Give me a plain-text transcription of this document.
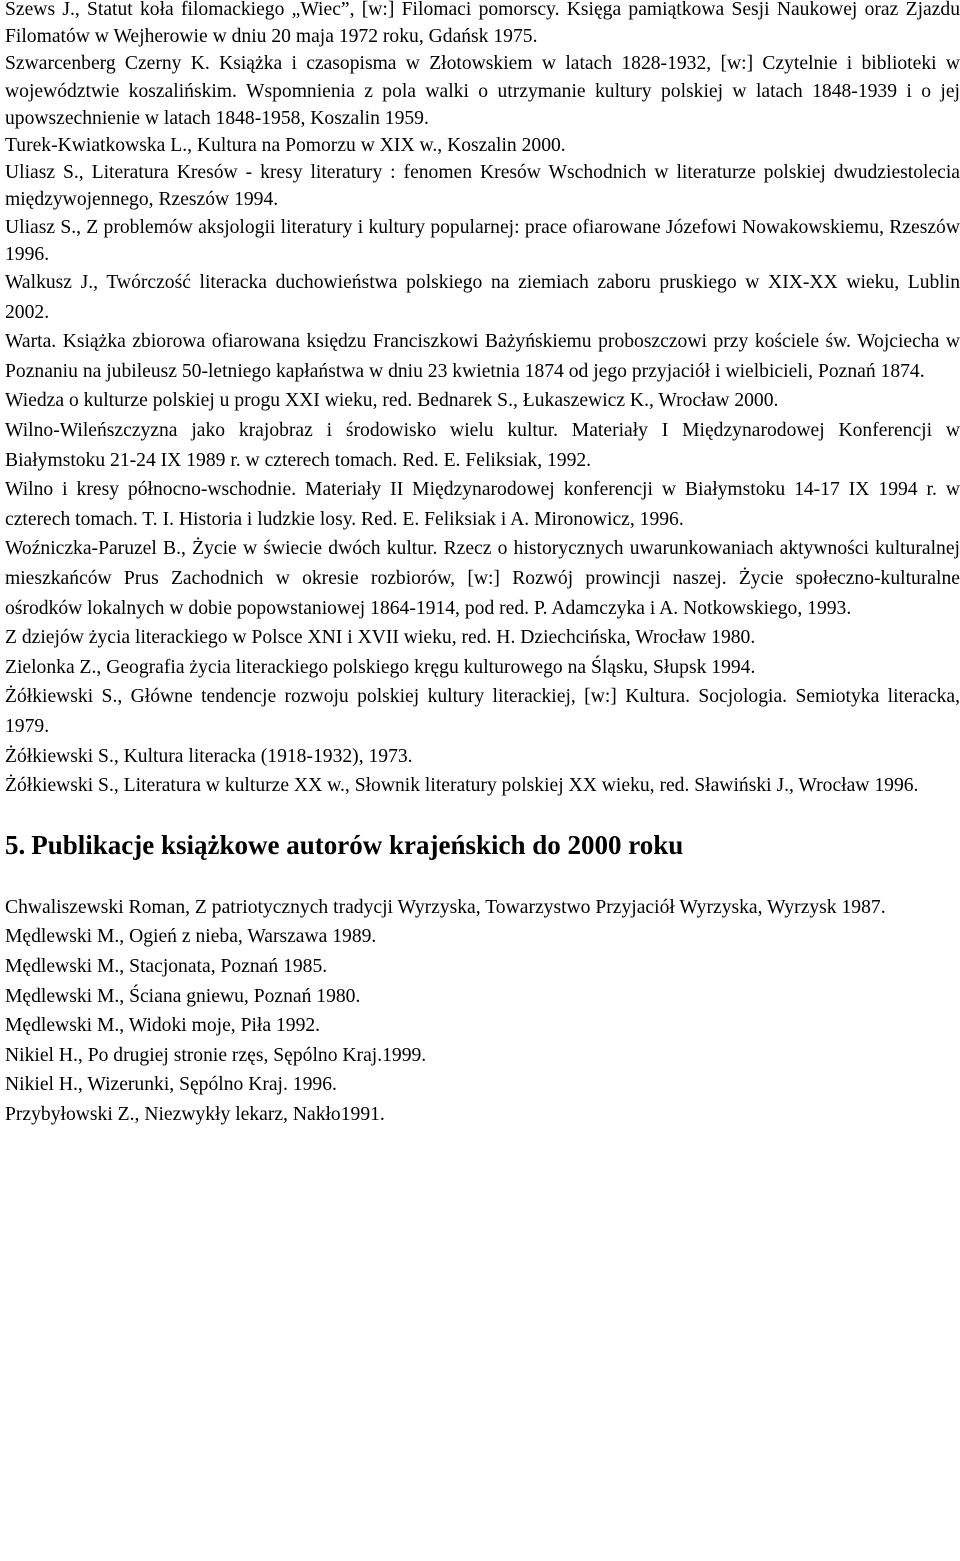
Szews J., Statut koła filomackiego „Wiec”, [w:] Filomaci pomorscy. Księga pamiątkowa Sesji Naukowej oraz Zjazdu Filomatów w Wejherowie w dniu 20 maja 1972 roku, Gdańsk 1975.

Szwarcenberg Czerny K. Książka i czasopisma w Złotowskiem w latach 1828-1932, [w:] Czytelnie i biblioteki w województwie koszalińskim. Wspomnienia z pola walki o utrzymanie kultury polskiej w latach 1848-1939 i o jej upowszechnienie w latach 1848-1958, Koszalin 1959.

Turek-Kwiatkowska L., Kultura na Pomorzu w XIX w., Koszalin 2000.

Uliasz S., Literatura Kresów - kresy literatury : fenomen Kresów Wschodnich w literaturze polskiej dwudziestolecia międzywojennego, Rzeszów 1994.

Uliasz S., Z problemów aksjologii literatury i kultury popularnej: prace ofiarowane Józefowi Nowakowskiemu, Rzeszów 1996.

Walkusz J., Twórczość literacka duchowieństwa polskiego na ziemiach zaboru pruskiego w XIX-XX wieku, Lublin 2002.

Warta. Książka zbiorowa ofiarowana księdzu Franciszkowi Bażyńskiemu proboszczowi przy kościele św. Wojciecha w Poznaniu na jubileusz 50-letniego kapłaństwa w dniu 23 kwietnia 1874 od jego przyjaciół i wielbicieli, Poznań 1874.

Wiedza o kulturze polskiej u progu XXI wieku, red. Bednarek S., Łukaszewicz K., Wrocław 2000.

Wilno-Wileńszczyzna jako krajobraz i środowisko wielu kultur. Materiały I Międzynarodowej Konferencji w Białymstoku 21-24 IX 1989 r. w czterech tomach. Red. E. Feliksiak, 1992.

Wilno i kresy północno-wschodnie. Materiały II Międzynarodowej konferencji w Białymstoku 14-17 IX 1994 r. w czterech tomach. T. I. Historia i ludzkie losy. Red. E. Feliksiak i A. Mironowicz, 1996.

Woźniczka-Paruzel B., Życie w świecie dwóch kultur. Rzecz o historycznych uwarunkowaniach aktywności kulturalnej mieszkańców Prus Zachodnich w okresie rozbiorów, [w:] Rozwój prowincji naszej. Życie społeczno-kulturalne ośrodków lokalnych w dobie popowstaniowej 1864-1914, pod red. P. Adamczyka i A. Notkowskiego, 1993.

Z dziejów życia literackiego w Polsce XNI i XVII wieku, red. H. Dziechcińska, Wrocław 1980.

Zielonka Z., Geografia życia literackiego polskiego kręgu kulturowego na Śląsku, Słupsk 1994.

Żółkiewski S., Główne tendencje rozwoju polskiej kultury literackiej, [w:] Kultura. Socjologia. Semiotyka literacka, 1979.

Żółkiewski S., Kultura literacka (1918-1932), 1973.

Żółkiewski S., Literatura w kulturze XX w., Słownik literatury polskiej XX wieku, red. Sławiński J., Wrocław 1996.

5. Publikacje książkowe autorów krajeńskich do 2000 roku

Chwaliszewski Roman, Z patriotycznych tradycji Wyrzyska, Towarzystwo Przyjaciół Wyrzyska, Wyrzysk 1987.

Mędlewski M., Ogień z nieba, Warszawa 1989.

Mędlewski M., Stacjonata, Poznań 1985.

Mędlewski M., Ściana gniewu, Poznań 1980.

Mędlewski M., Widoki moje, Piła 1992.

Nikiel H., Po drugiej stronie rzęs, Sępólno Kraj.1999.

Nikiel H., Wizerunki, Sępólno Kraj. 1996.

Przybyłowski Z., Niezwykły lekarz, Nakło1991.
